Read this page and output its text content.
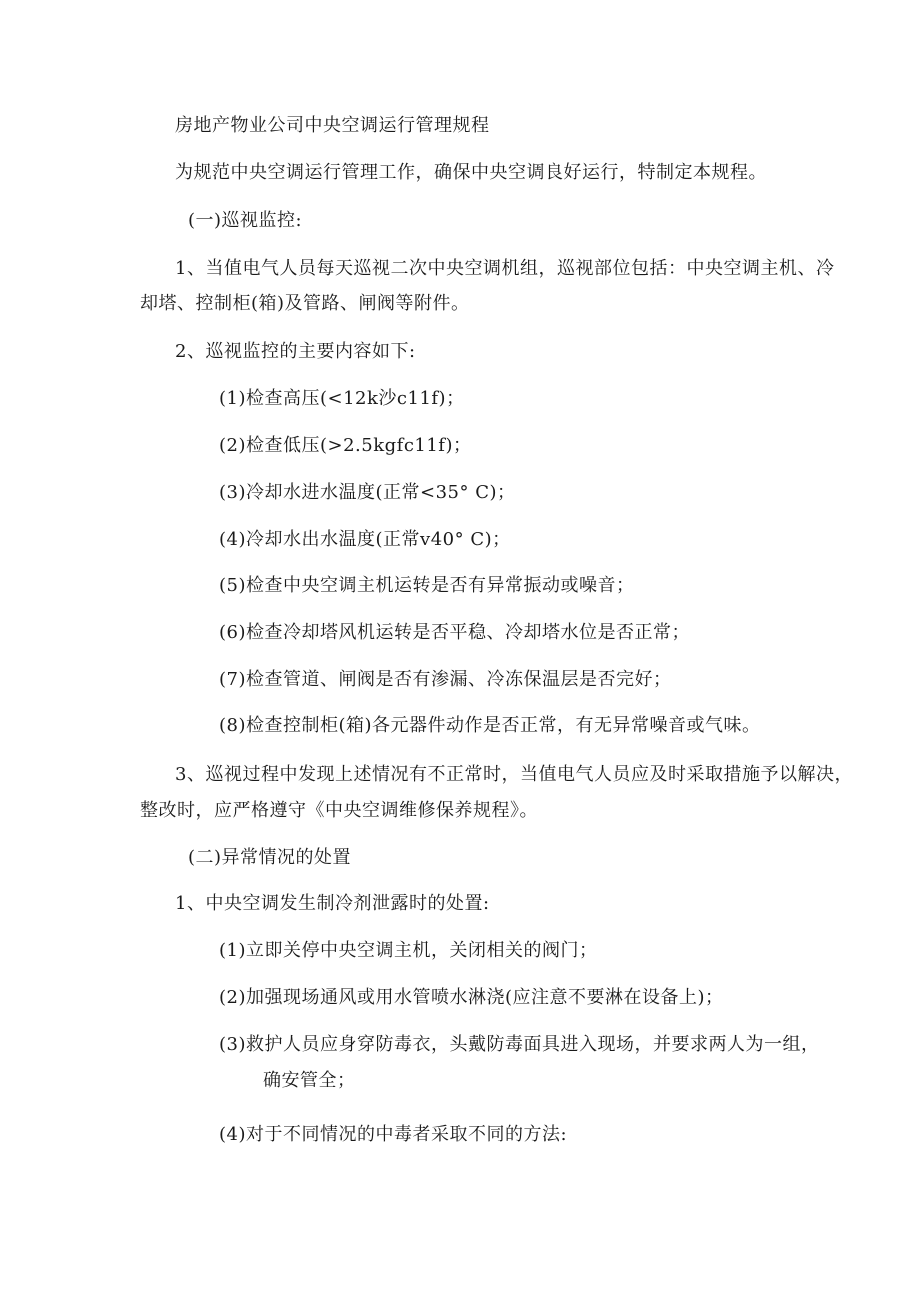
房地产物业公司中央空调运行管理规程
为规范中央空调运行管理工作，确保中央空调良好运行，特制定本规程。
(一)巡视监控:
1、当值电气人员每天巡视二次中央空调机组，巡视部位包括：中央空调主机、冷
却塔、控制柜(箱)及管路、闸阀等附件。
2、巡视监控的主要内容如下:
(1)检查高压(<12k沙c11f)；
(2)检查低压(>2.5kgfc11f)；
(3)冷却水进水温度(正常<35° C)；
(4)冷却水出水温度(正常v40° C)；
(5)检查中央空调主机运转是否有异常振动或噪音；
(6)检查冷却塔风机运转是否平稳、冷却塔水位是否正常；
(7)检查管道、闸阀是否有渗漏、冷冻保温层是否完好；
(8)检查控制柜(箱)各元器件动作是否正常，有无异常噪音或气味。
3、巡视过程中发现上述情况有不正常时，当值电气人员应及时采取措施予以解决，
整改时，应严格遵守《中央空调维修保养规程》。
(二)异常情况的处置
1、中央空调发生制冷剂泄露时的处置:
(1)立即关停中央空调主机，关闭相关的阀门；
(2)加强现场通风或用水管喷水淋浇(应注意不要淋在设备上)；
(3)救护人员应身穿防毒衣，头戴防毒面具进入现场，并要求两人为一组，
确安管全；
(4)对于不同情况的中毒者采取不同的方法:
